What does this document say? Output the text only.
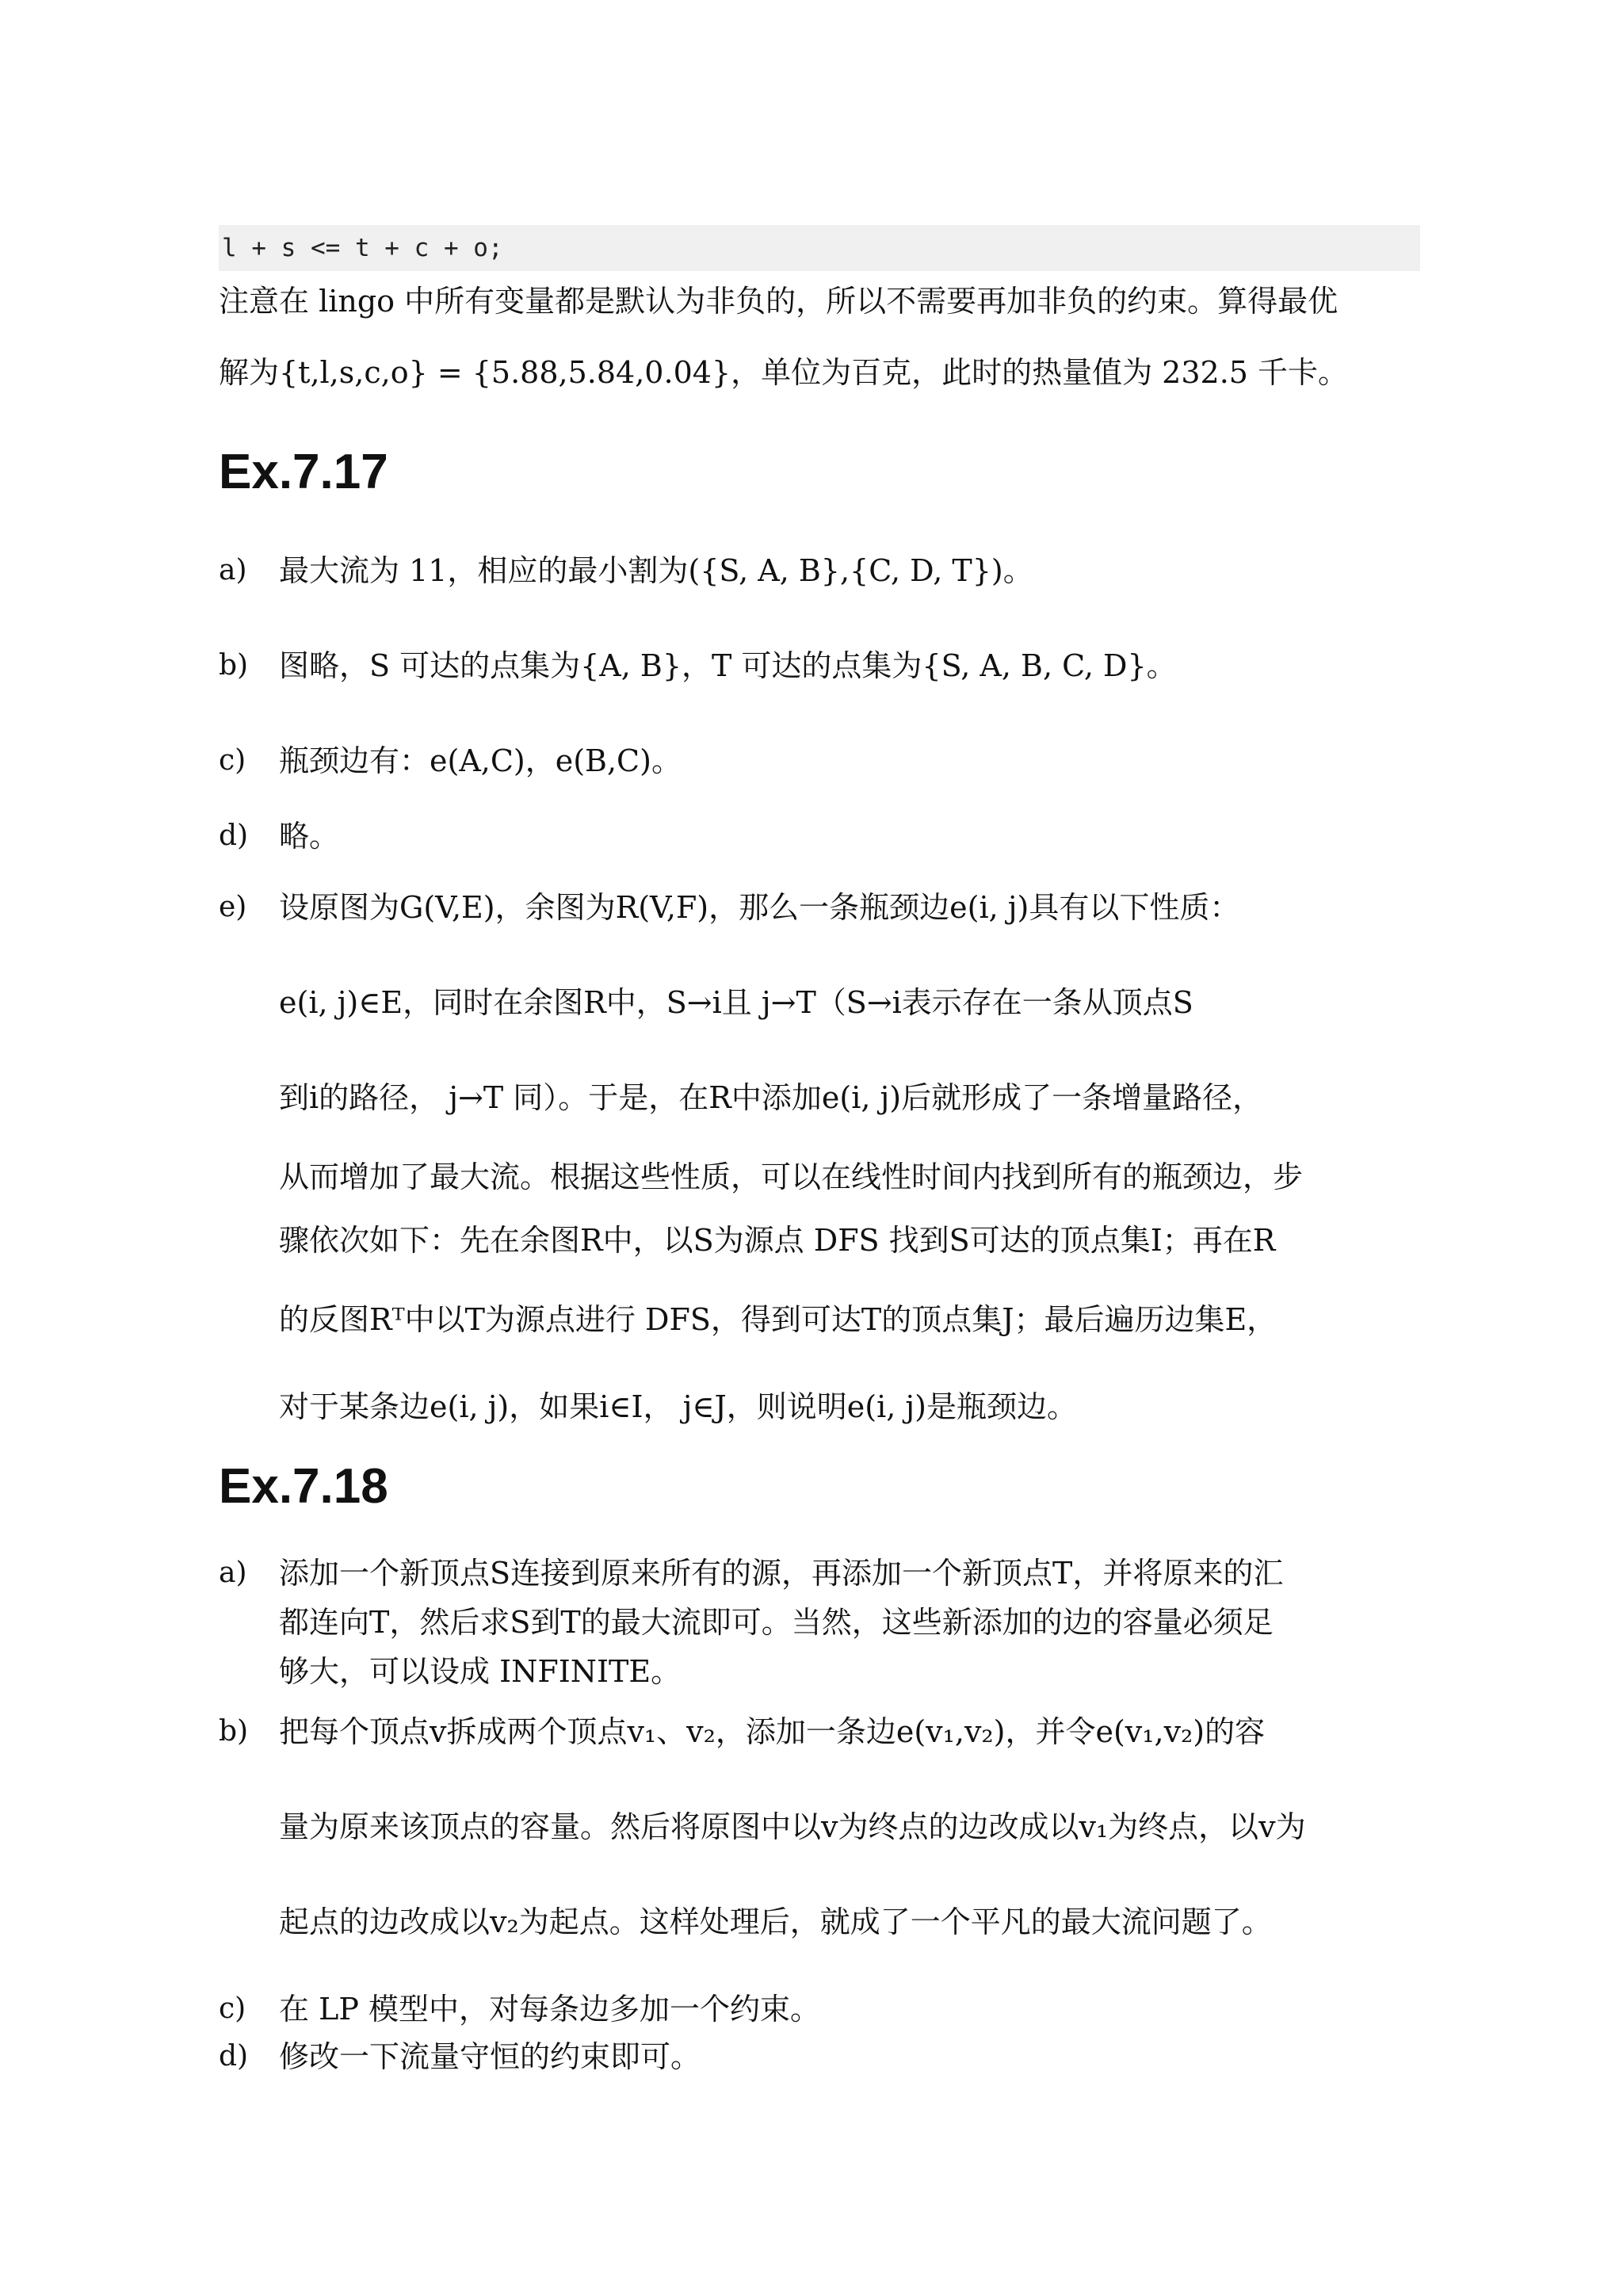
l + s <= t + c + o;
注意在 lingo 中所有变量都是默认为非负的，所以不需要再加非负的约束。算得最优
解为{t,l,s,c,o} = {5.88,5.84,0.04}，单位为百克，此时的热量值为 232.5 千卡。
Ex.7.17
a)	最大流为 11，相应的最小割为({S, A, B},{C, D, T})。
b)	图略，S 可达的点集为{A, B}，T 可达的点集为{S, A, B, C, D}。
c)	瓶颈边有：e(A,C)，e(B,C)。
d)	略。
e)	设原图为G(V,E)，余图为R(V,F)，那么一条瓶颈边e(i, j)具有以下性质：
e(i, j)∈E，同时在余图R中，S→i且 j→T（S→i表示存在一条从顶点S
到i的路径， j→T 同）。于是，在R中添加e(i, j)后就形成了一条增量路径，
从而增加了最大流。根据这些性质，可以在线性时间内找到所有的瓶颈边，步
骤依次如下：先在余图R中，以S为源点 DFS 找到S可达的顶点集I；再在R
的反图Rᵀ中以T为源点进行 DFS，得到可达T的顶点集J；最后遍历边集E，
对于某条边e(i, j)，如果i∈I， j∈J，则说明e(i, j)是瓶颈边。
Ex.7.18
a)	添加一个新顶点S连接到原来所有的源，再添加一个新顶点T，并将原来的汇
都连向T，然后求S到T的最大流即可。当然，这些新添加的边的容量必须足
够大，可以设成 INFINITE。
b)	把每个顶点v拆成两个顶点v₁、v₂，添加一条边e(v₁,v₂)，并令e(v₁,v₂)的容
量为原来该顶点的容量。然后将原图中以v为终点的边改成以v₁为终点，以v为
起点的边改成以v₂为起点。这样处理后，就成了一个平凡的最大流问题了。
c)	在 LP 模型中，对每条边多加一个约束。
d)	修改一下流量守恒的约束即可。
